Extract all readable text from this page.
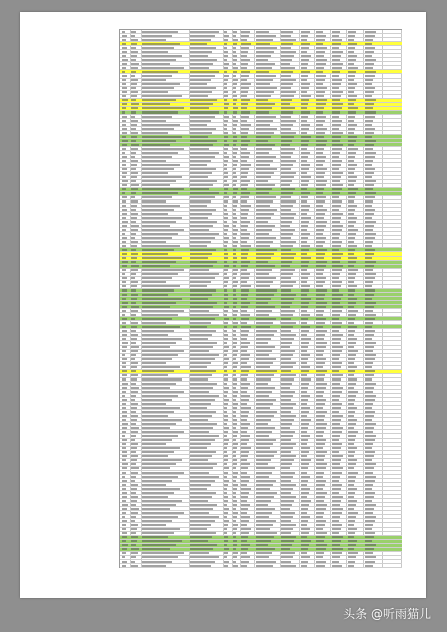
头条 @听雨猫儿
